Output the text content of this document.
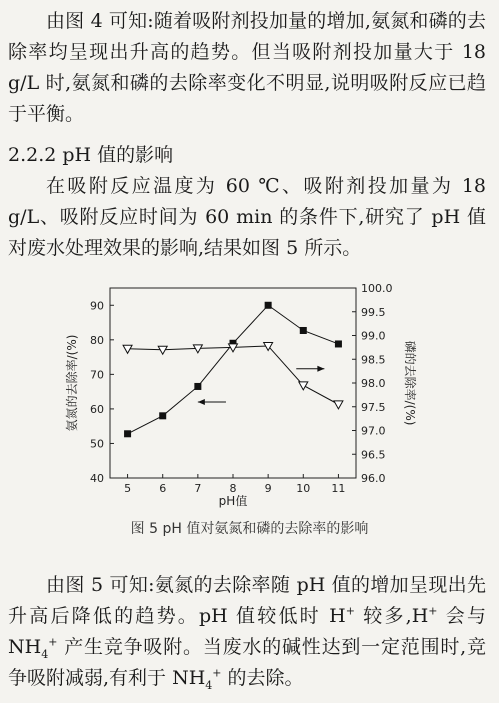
由图 4 可知:随着吸附剂投加量的增加,氨氮和磷的去除率均呈现出升高的趋势。但当吸附剂投加量大于 18 g/L 时,氨氮和磷的去除率变化不明显,说明吸附反应已趋于平衡。

2.2.2 pH 值的影响

在吸附反应温度为 60 ℃、吸附剂投加量为 18 g/L、吸附反应时间为 60 min 的条件下,研究了 pH 值对废水处理效果的影响,结果如图 5 所示。

5	6	7	8	9 10 11
40
50
60
70
80
90
96.0
96.5
97.0
97.5
98.0
98.5
99.0
99.5
100.0
pH值
氨氮的去除率/(%)	磷的去除率/(%)
图 5 pH 值对氨氮和磷的去除率的影响

由图 5 可知:氨氮的去除率随 pH 值的增加呈现出先升高后降低的趋势。pH 值较低时 H+ 较多,H+ 会与 $NH_4^+$ 产生竞争吸附。当废水的碱性达到一定范围时,竞争吸附减弱,有利于 $NH_4^+$ 的去除。
